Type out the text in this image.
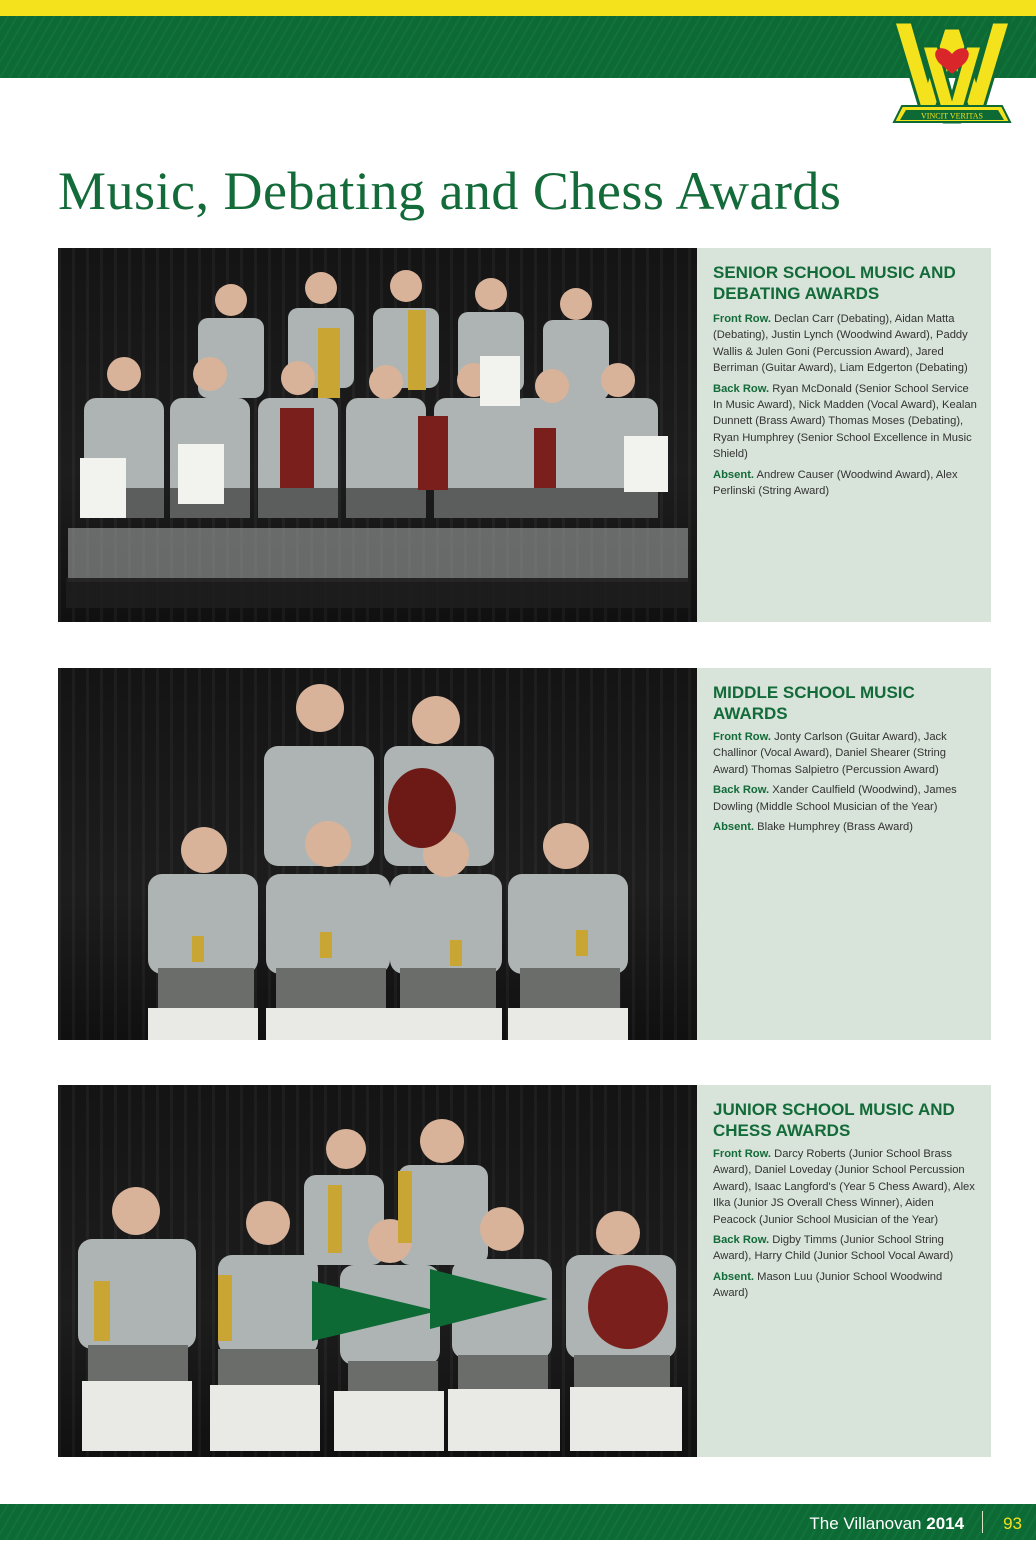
VINCIT VERITAS
Music, Debating and Chess Awards
SENIOR SCHOOL MUSIC AND DEBATING AWARDS

Front Row. Declan Carr (Debating), Aidan Matta (Debating), Justin Lynch (Woodwind Award), Paddy Wallis & Julen Goni (Percussion Award), Jared Berriman (Guitar Award), Liam Edgerton (Debating)

Back Row. Ryan McDonald (Senior School Service In Music Award), Nick Madden (Vocal Award), Kealan Dunnett (Brass Award) Thomas Moses (Debating), Ryan Humphrey (Senior School Excellence in Music Shield)

Absent. Andrew Causer (Woodwind Award), Alex Perlinski (String Award)

MIDDLE SCHOOL MUSIC AWARDS

Front Row. Jonty Carlson (Guitar Award), Jack Challinor (Vocal Award), Daniel Shearer (String Award) Thomas Salpietro (Percussion Award)

Back Row. Xander Caulfield (Woodwind), James Dowling (Middle School Musician of the Year)

Absent. Blake Humphrey (Brass Award)

JUNIOR SCHOOL MUSIC AND CHESS AWARDS

Front Row. Darcy Roberts (Junior School Brass Award), Daniel Loveday (Junior School Percussion Award), Isaac Langford's (Year 5 Chess Award), Alex Ilka (Junior JS Overall Chess Winner), Aiden Peacock (Junior School Musician of the Year)

Back Row. Digby Timms (Junior School String Award), Harry Child (Junior School Vocal Award)

Absent. Mason Luu (Junior School Woodwind Award)

The Villanovan 2014 93
